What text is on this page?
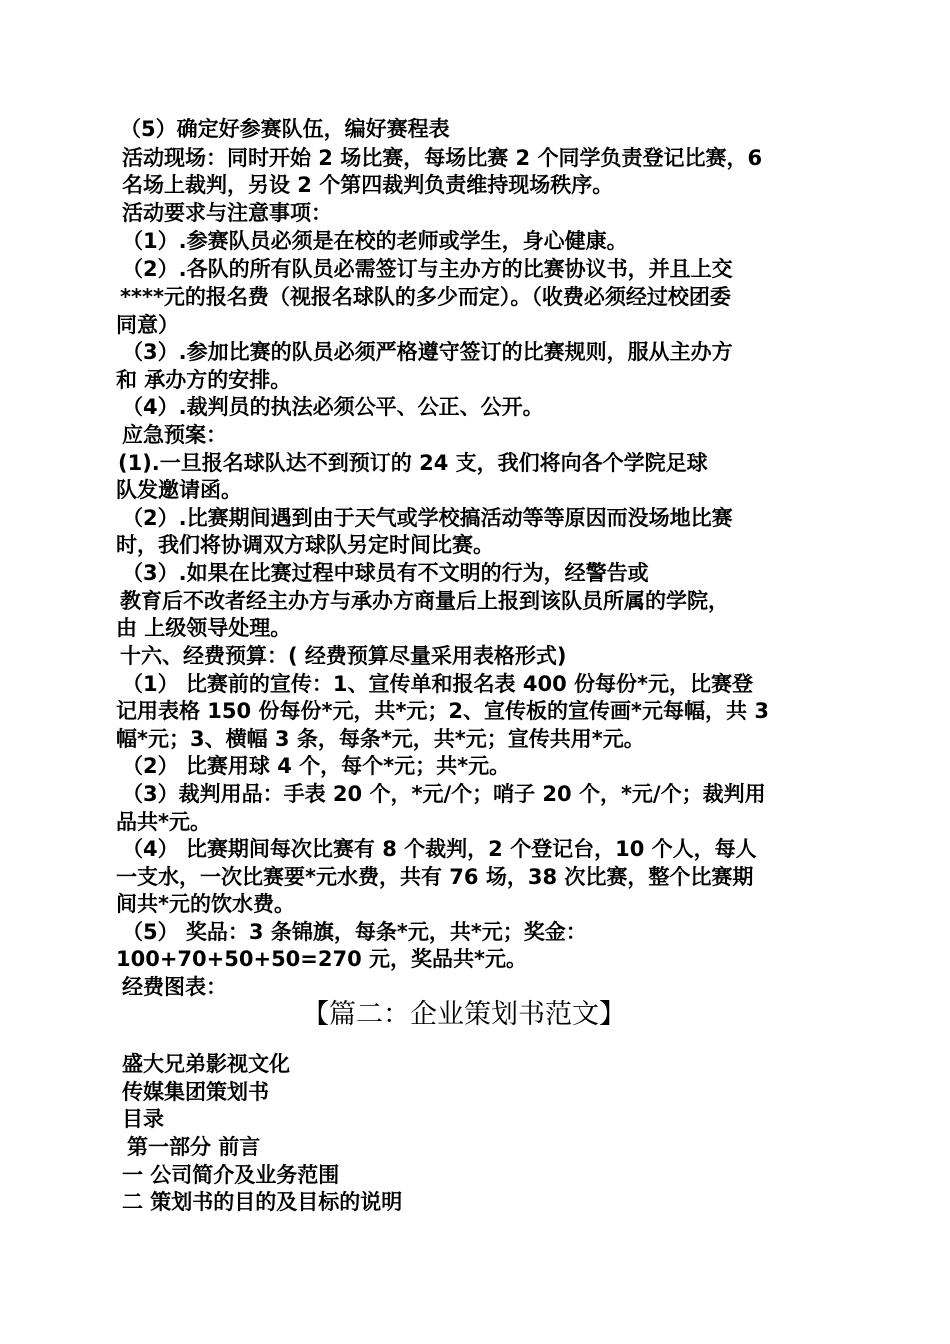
（5）确定好参赛队伍，编好赛程表
活动现场：同时开始 2 场比赛，每场比赛 2 个同学负责登记比赛，6
名场上裁判，另设 2 个第四裁判负责维持现场秩序。
活动要求与注意事项：
（1）.参赛队员必须是在校的老师或学生，身心健康。
（2）.各队的所有队员必需签订与主办方的比赛协议书，并且上交
****元的报名费（视报名球队的多少而定）。（收费必须经过校团委
同意）
（3）.参加比赛的队员必须严格遵守签订的比赛规则，服从主办方
和 承办方的安排。
（4）.裁判员的执法必须公平、公正、公开。
应急预案：
(1).一旦报名球队达不到预订的 24 支，我们将向各个学院足球
队发邀请函。
（2）.比赛期间遇到由于天气或学校搞活动等等原因而没场地比赛
时，我们将协调双方球队另定时间比赛。
（3）.如果在比赛过程中球员有不文明的行为，经警告或
教育后不改者经主办方与承办方商量后上报到该队员所属的学院，
由 上级领导处理。
十六、经费预算：( 经费预算尽量采用表格形式)
（1） 比赛前的宣传：1、宣传单和报名表 400 份每份*元，比赛登
记用表格 150 份每份*元，共*元；2、宣传板的宣传画*元每幅，共 3
幅*元；3、横幅 3 条，每条*元，共*元；宣传共用*元。
（2） 比赛用球 4 个，每个*元；共*元。
（3）裁判用品：手表 20 个，*元/个；哨子 20 个，*元/个；裁判用
品共*元。
（4） 比赛期间每次比赛有 8 个裁判，2 个登记台，10 个人，每人
一支水，一次比赛要*元水费，共有 76 场，38 次比赛，整个比赛期
间共*元的饮水费。
（5） 奖品：3 条锦旗，每条*元，共*元；奖金：
100+70+50+50=270 元，奖品共*元。
经费图表：
【篇二：企业策划书范文】
盛大兄弟影视文化
传媒集团策划书
目录
第一部分 前言
一 公司简介及业务范围
二 策划书的目的及目标的说明
